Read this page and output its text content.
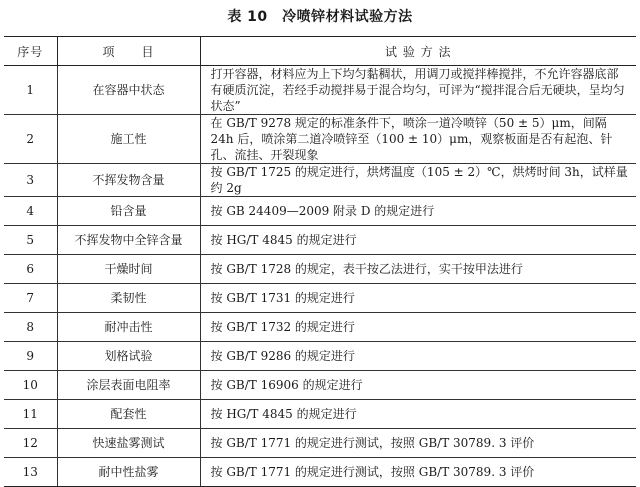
表 10　冷喷锌材料试验方法
序号	项　　目	试 验 方 法
1	在容器中状态	打开容器，材料应为上下均匀黏稠状，用调刀或搅拌棒搅拌，不允许容器底部有硬质沉淀，若经手动搅拌易于混合均匀，可评为“搅拌混合后无硬块，呈均匀状态”
2	施工性	在 GB/T 9278 规定的标准条件下，喷涂一道冷喷锌（50 ± 5）μm，间隔 24h 后，喷涂第二道冷喷锌至（100 ± 10）μm，观察板面是否有起泡、针孔、流挂、开裂现象
3	不挥发物含量	按 GB/T 1725 的规定进行，烘烤温度（105 ± 2）℃，烘烤时间 3h，试样量约 2g
4	铅含量	按 GB 24409—2009 附录 D 的规定进行
5	不挥发物中全锌含量	按 HG/T 4845 的规定进行
6	干燥时间	按 GB/T 1728 的规定，表干按乙法进行，实干按甲法进行
7	柔韧性	按 GB/T 1731 的规定进行
8	耐冲击性	按 GB/T 1732 的规定进行
9	划格试验	按 GB/T 9286 的规定进行
10	涂层表面电阻率	按 GB/T 16906 的规定进行
11	配套性	按 HG/T 4845 的规定进行
12	快速盐雾测试	按 GB/T 1771 的规定进行测试，按照 GB/T 30789. 3 评价
13	耐中性盐雾	按 GB/T 1771 的规定进行测试，按照 GB/T 30789. 3 评价
